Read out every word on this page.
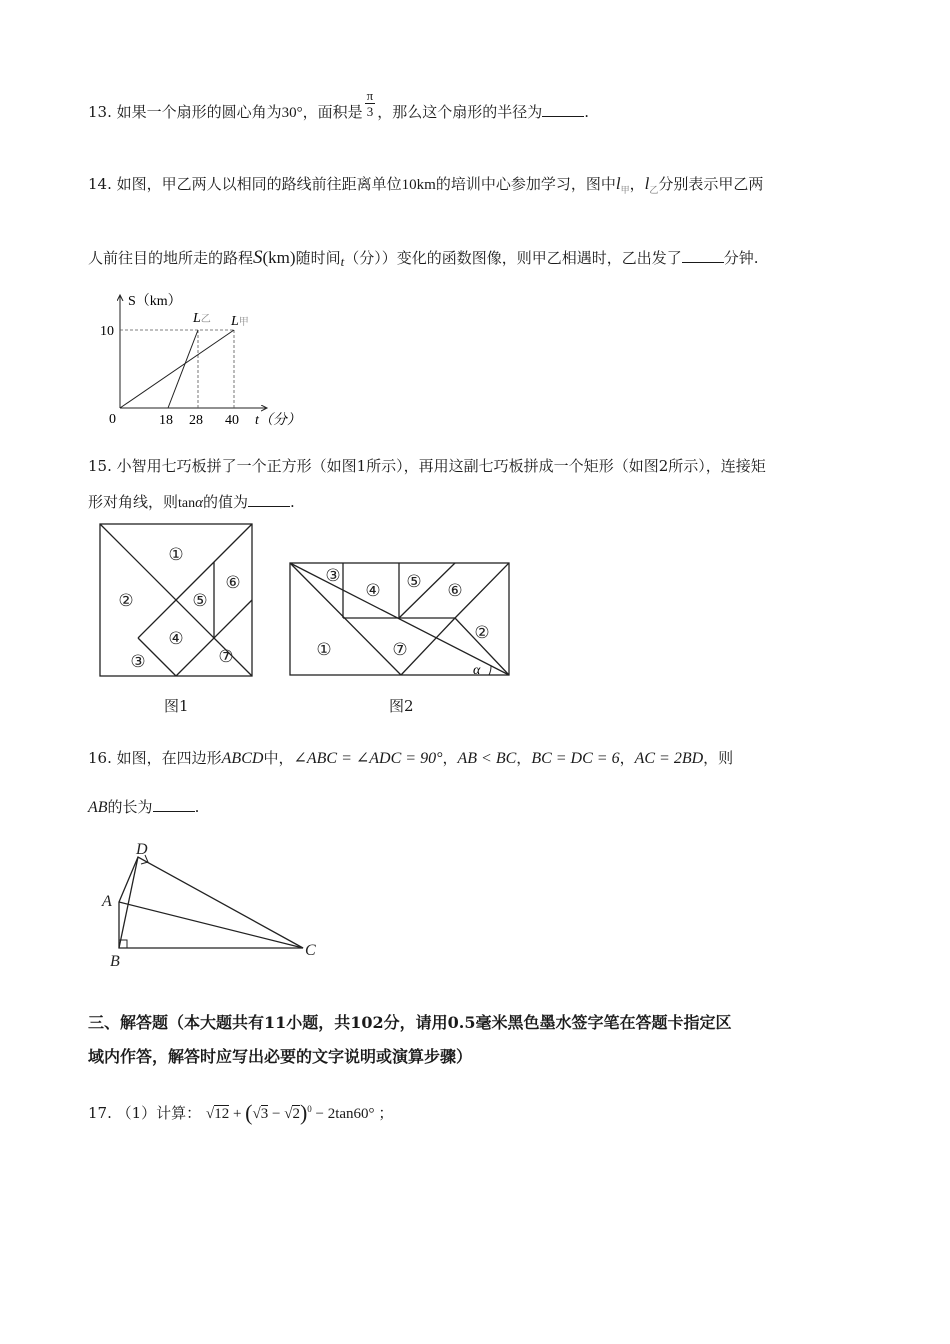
13. 如果一个扇形的圆心角为30°，面积是 $\frac{\pi}{3}$ ，那么这个扇形的半径为	.
14. 如图，甲乙两人以相同的路线前往距离单位10km的培训中心参加学习，图中$l_甲$，$l_乙$分别表示甲乙两
人前往目的地所走的路程S(km)随时间t（分））变化的函数图像，则甲乙相遇时，乙出发了	分钟.
S（km）
10
0	18 28 40 t（分）
L乙 L甲
15. 小智用七巧板拼了一个正方形（如图1所示），再用这副七巧板拼成一个矩形（如图2所示），连接矩
形对角线，则tanα的值为	.
①
②
③
④
⑤
⑥
⑦
图1
①
②
③
④ ⑤ ⑥
⑦
α
图2
16. 如图，在四边形ABCD中，∠ABC = ∠ADC = 90°，AB < BC，BC = DC = 6，AC = 2BD，则
AB的长为	.
A
B
C
D
三、解答题（本大题共有11小题，共102分，请用0.5毫米黑色墨水签字笔在答题卡指定区
域内作答，解答时应写出必要的文字说明或演算步骤）
17. （1）计算： $√12 + (√3 - √2)^0 - 2\tan 60^\circ$ ；
